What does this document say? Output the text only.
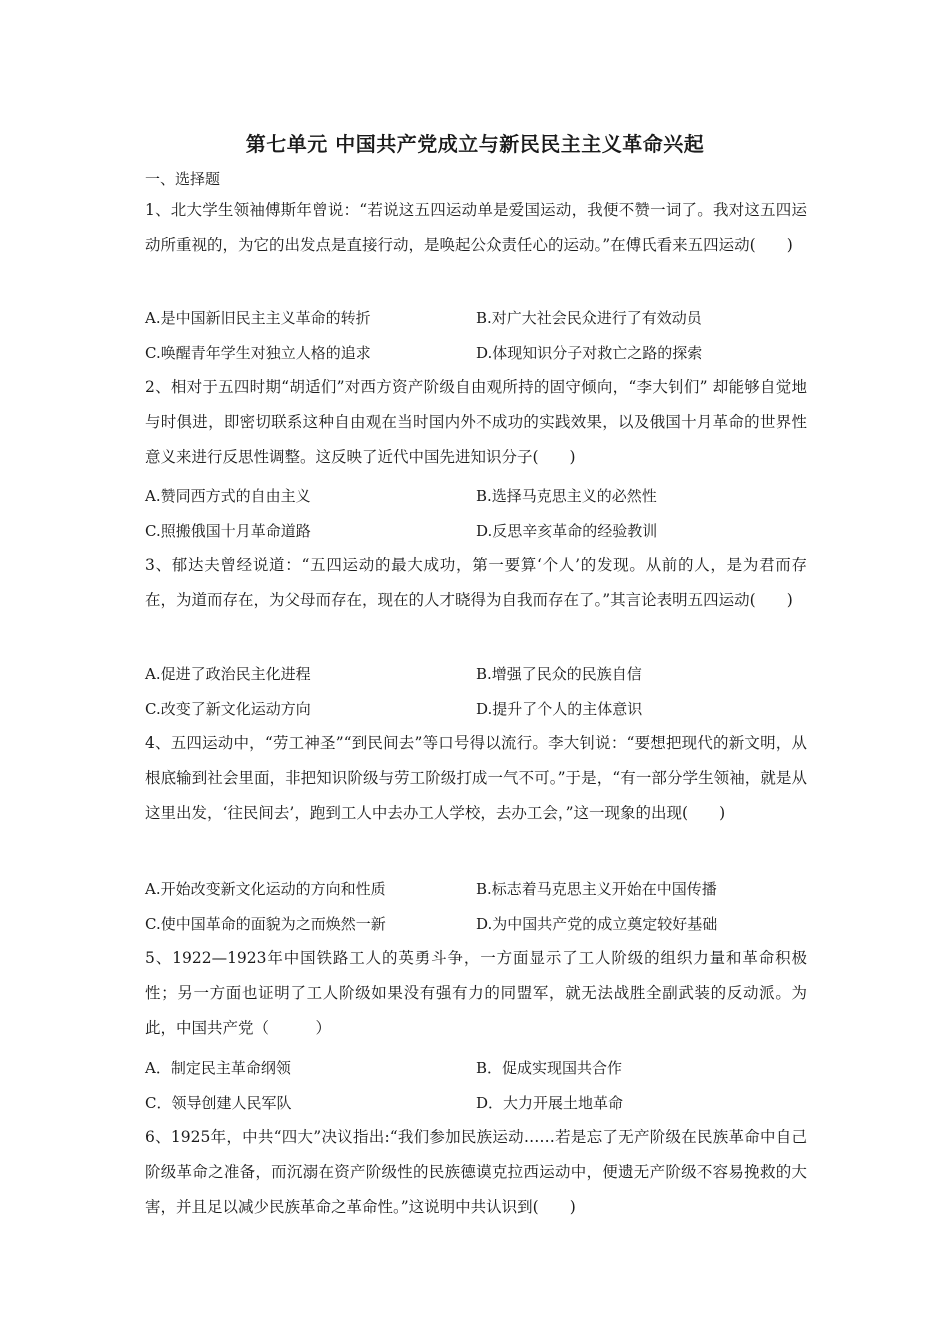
第七单元 中国共产党成立与新民民主主义革命兴起
一、选择题
1、北大学生领袖傅斯年曾说：“若说这五四运动单是爱国运动，我便不赞一词了。我对这五四运动所重视的，为它的出发点是直接行动，是唤起公众责任心的运动。”在傅氏看来五四运动(　　)
A.是中国新旧民主主义革命的转折	B.对广大社会民众进行了有效动员
C.唤醒青年学生对独立人格的追求	D.体现知识分子对救亡之路的探索
2、相对于五四时期“胡适们”对西方资产阶级自由观所持的固守倾向，“李大钊们” 却能够自觉地与时俱进，即密切联系这种自由观在当时国内外不成功的实践效果，以及俄国十月革命的世界性意义来进行反思性调整。这反映了近代中国先进知识分子(　　)
A.赞同西方式的自由主义	B.选择马克思主义的必然性
C.照搬俄国十月革命道路	D.反思辛亥革命的经验教训
3、郁达夫曾经说道：“五四运动的最大成功，第一要算‘个人’的发现。从前的人，是为君而存在，为道而存在，为父母而存在，现在的人才晓得为自我而存在了。”其言论表明五四运动(　　)
A.促进了政治民主化进程	B.增强了民众的民族自信
C.改变了新文化运动方向	D.提升了个人的主体意识
4、五四运动中，“劳工神圣”“到民间去”等口号得以流行。李大钊说：“要想把现代的新文明，从根底输到社会里面，非把知识阶级与劳工阶级打成一气不可。”于是，“有一部分学生领袖，就是从这里出发，‘往民间去’，跑到工人中去办工人学校，去办工会，”这一现象的出现(　　)
A.开始改变新文化运动的方向和性质	B.标志着马克思主义开始在中国传播
C.使中国革命的面貌为之而焕然一新	D.为中国共产党的成立奠定较好基础
5、1922—1923年中国铁路工人的英勇斗争，一方面显示了工人阶级的组织力量和革命积极性；另一方面也证明了工人阶级如果没有强有力的同盟军，就无法战胜全副武装的反动派。为此，中国共产党（　　　）
A．制定民主革命纲领	B．促成实现国共合作
C．领导创建人民军队	D．大力开展土地革命
6、1925年，中共“四大”决议指出:“我们参加民族运动……若是忘了无产阶级在民族革命中自己阶级革命之准备，而沉溺在资产阶级性的民族德谟克拉西运动中，便遗无产阶级不容易挽救的大害，并且足以减少民族革命之革命性。”这说明中共认识到(　　)
